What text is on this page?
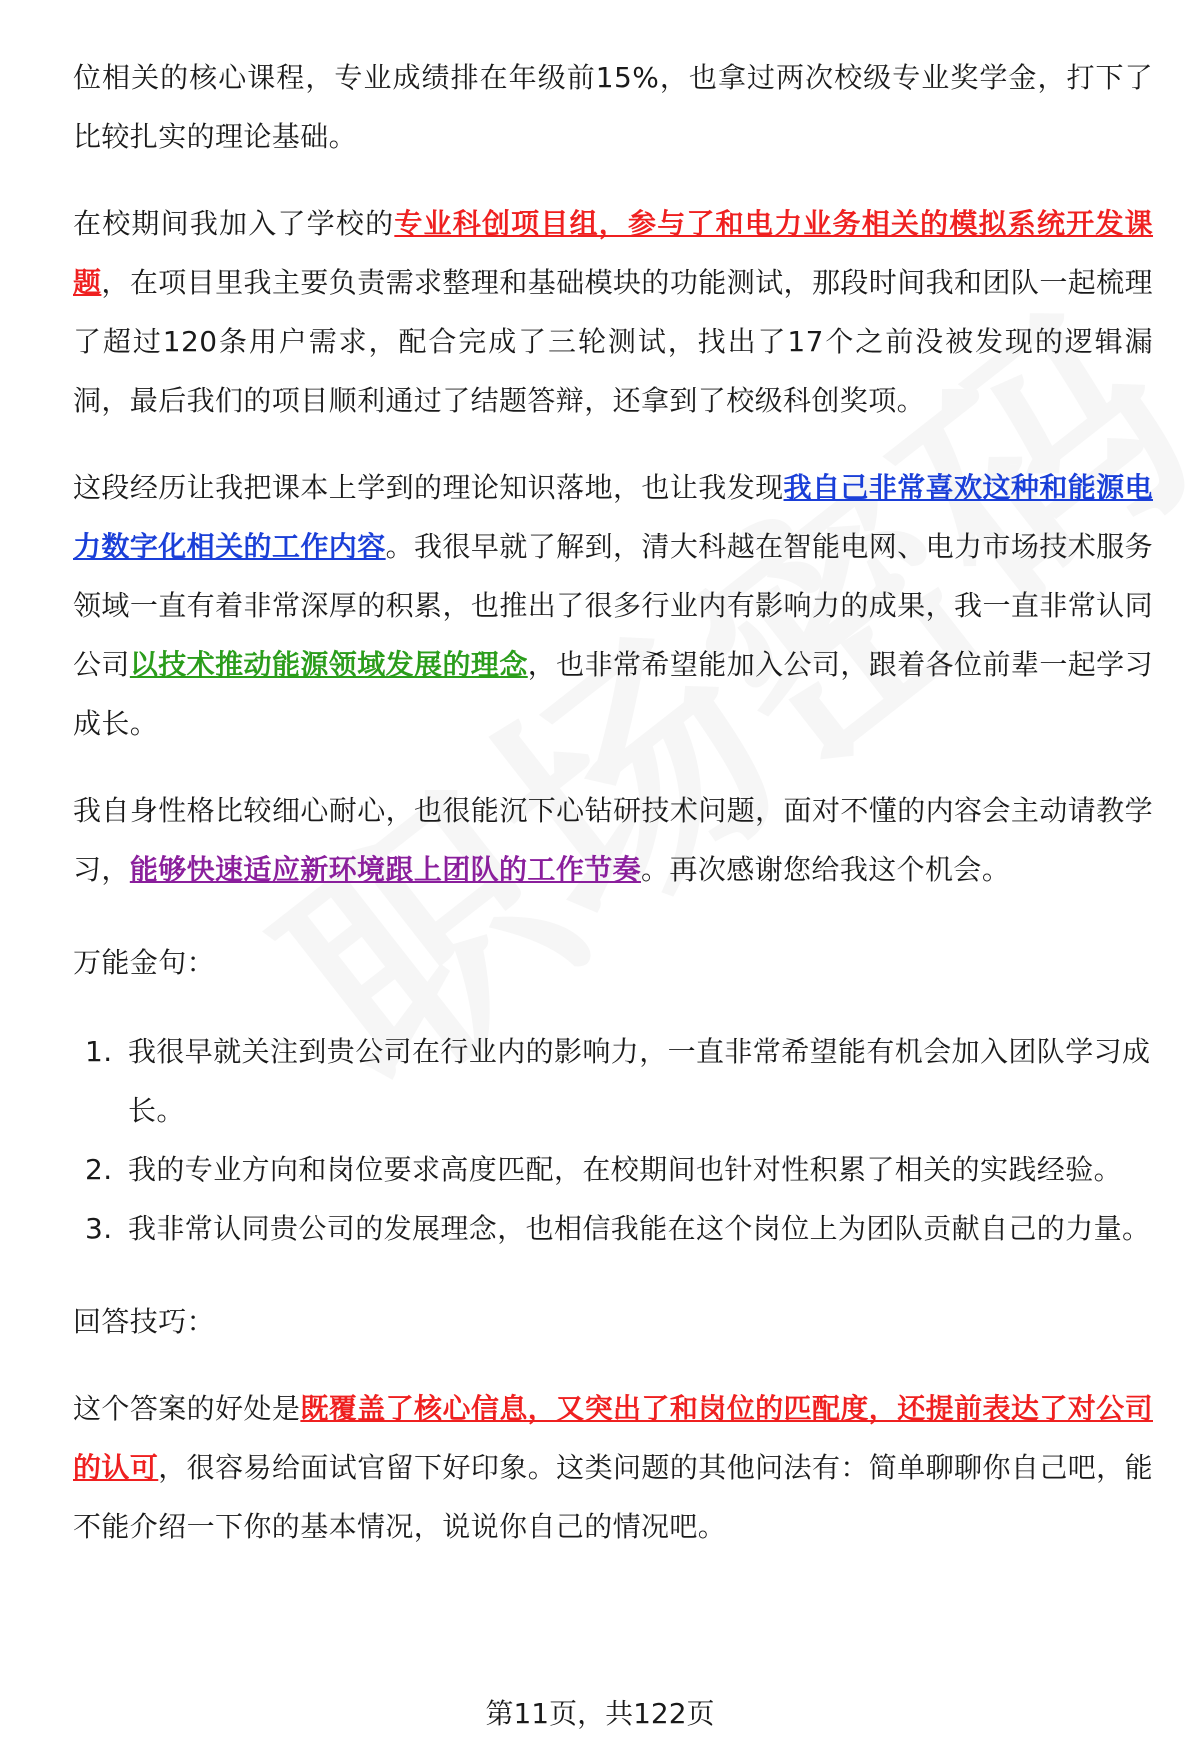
位相关的核心课程，专业成绩排在年级前15%，也拿过两次校级专业奖学金，打下了比较扎实的理论基础。

在校期间我加入了学校的专业科创项目组，参与了和电力业务相关的模拟系统开发课题，在项目里我主要负责需求整理和基础模块的功能测试，那段时间我和团队一起梳理了超过120条用户需求，配合完成了三轮测试，找出了17个之前没被发现的逻辑漏洞，最后我们的项目顺利通过了结题答辩，还拿到了校级科创奖项。

这段经历让我把课本上学到的理论知识落地，也让我发现我自己非常喜欢这种和能源电力数字化相关的工作内容。我很早就了解到，清大科越在智能电网、电力市场技术服务领域一直有着非常深厚的积累，也推出了很多行业内有影响力的成果，我一直非常认同公司以技术推动能源领域发展的理念，也非常希望能加入公司，跟着各位前辈一起学习成长。

我自身性格比较细心耐心，也很能沉下心钻研技术问题，面对不懂的内容会主动请教学习，能够快速适应新环境跟上团队的工作节奏。再次感谢您给我这个机会。

万能金句：

1. 我很早就关注到贵公司在行业内的影响力，一直非常希望能有机会加入团队学习成长。
2. 我的专业方向和岗位要求高度匹配，在校期间也针对性积累了相关的实践经验。
3. 我非常认同贵公司的发展理念，也相信我能在这个岗位上为团队贡献自己的力量。

回答技巧：

这个答案的好处是既覆盖了核心信息，又突出了和岗位的匹配度，还提前表达了对公司的认可，很容易给面试官留下好印象。这类问题的其他问法有：简单聊聊你自己吧，能不能介绍一下你的基本情况，说说你自己的情况吧。

第11页，共122页
